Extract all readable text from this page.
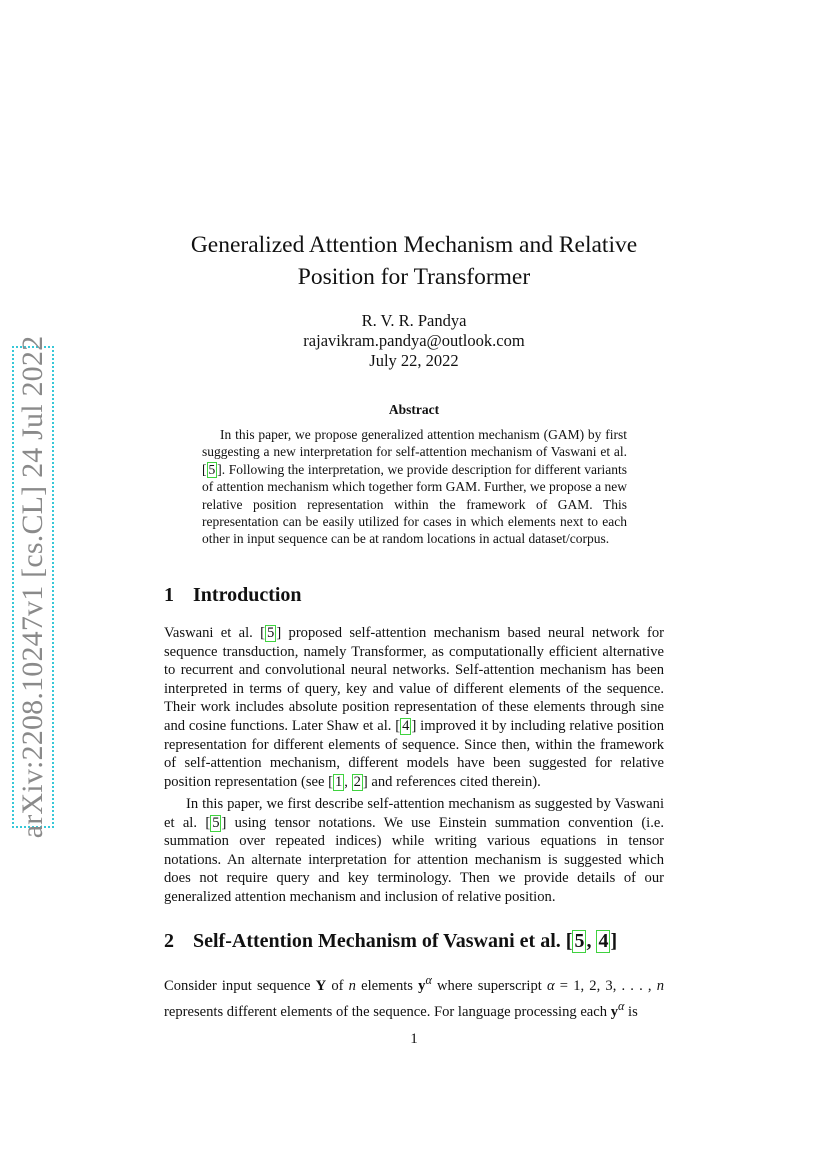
arXiv:2208.10247v1 [cs.CL] 24 Jul 2022
Generalized Attention Mechanism and Relative
Position for Transformer
R. V. R. Pandya
rajavikram.pandya@outlook.com
July 22, 2022
Abstract
In this paper, we propose generalized attention mechanism (GAM) by first suggesting a new interpretation for self-attention mechanism of Vaswani et al. [ 5 ]. Following the interpretation, we provide description for different variants of attention mechanism which together form GAM. Further, we propose a new relative position representation within the framework of GAM. This representation can be easily utilized for cases in which elements next to each other in input sequence can be at random locations in actual dataset/corpus.
1 Introduction
Vaswani et al. [ 5 ] proposed self-attention mechanism based neural network for sequence transduction, namely Transformer, as computationally efficient alternative to recurrent and convolutional neural networks. Self-attention mechanism has been interpreted in terms of query, key and value of different elements of the sequence. Their work includes absolute position representation of these elements through sine and cosine functions. Later Shaw et al. [ 4 ] improved it by including relative position representation for different elements of sequence. Since then, within the framework of self-attention mechanism, different models have been suggested for relative position representation (see [ 1 , 2 ] and references cited therein).
In this paper, we first describe self-attention mechanism as suggested by Vaswani et al. [ 5 ] using tensor notations. We use Einstein summation convention (i.e. summation over repeated indices) while writing various equations in tensor notations. An alternate interpretation for attention mechanism is suggested which does not require query and key terminology. Then we provide details of our generalized attention mechanism and inclusion of relative position.
2 Self-Attention Mechanism of Vaswani et al. [ 5 , 4 ]
Consider input sequence Y of n elements $y^\alpha$ where superscript α = 1, 2, 3, . . . , n represents different elements of the sequence. For language processing each $y^\alpha$ is
1
